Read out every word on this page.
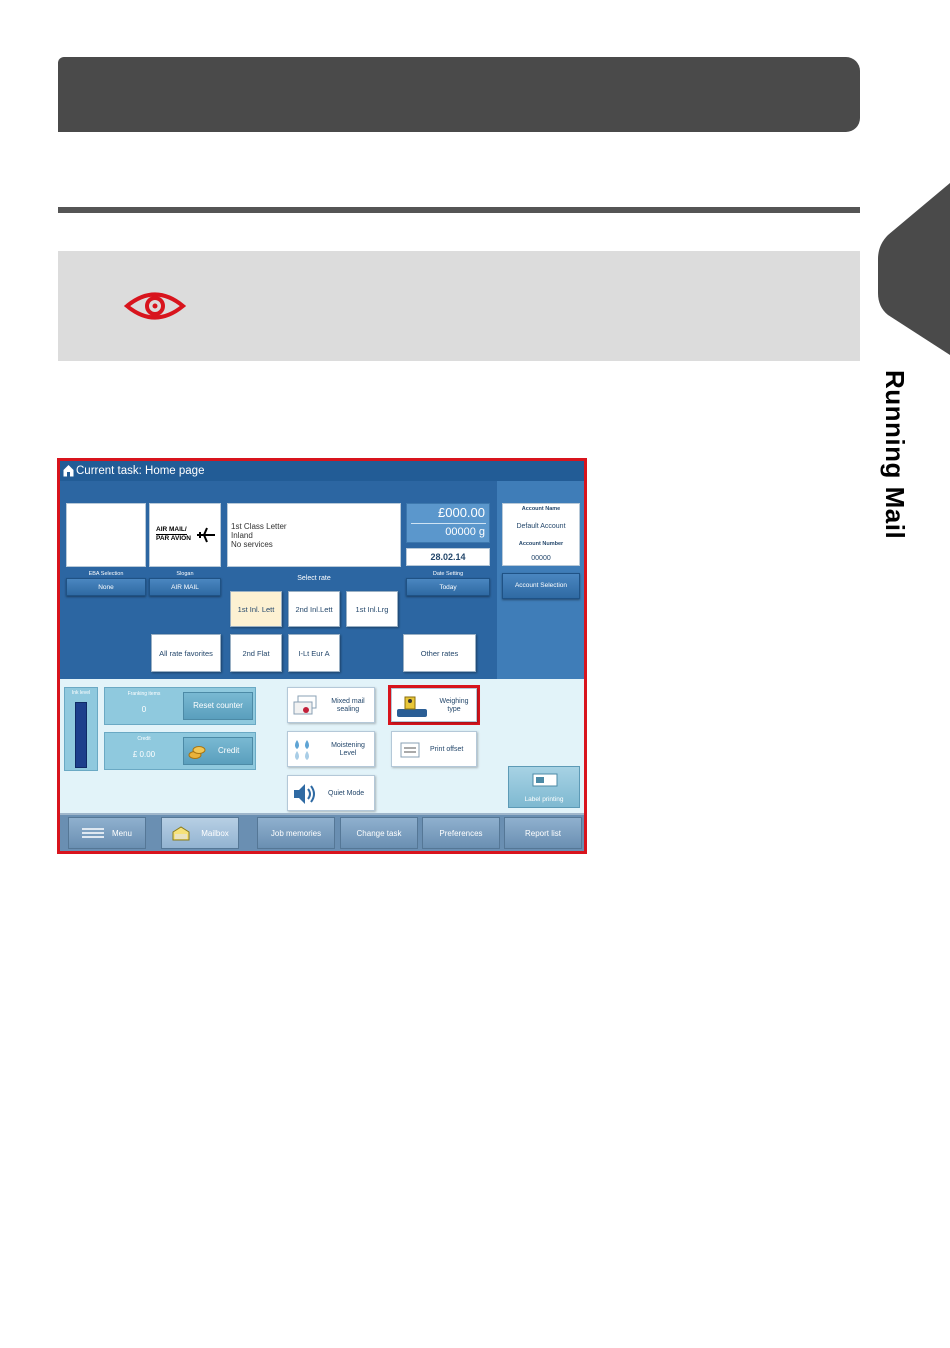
Running Mail
Current task: Home page
EBA Selection
None
AIR MAIL/
PAR AVION
Slogan
AIR MAIL
1st Class Letter
Inland
No services
£000.00
00000 g
28.02.14
Date Setting
Today
Account Name
Default Account
Account Number
00000
Account Selection
Select rate
1st Inl. Lett	2nd Inl.Lett	1st Inl.Lrg
All rate favorites	2nd Flat	I-Lt Eur A	Other rates
Ink level	Franking items
0	Reset counter
Credit
£ 0.00	Credit
Mixed mail sealing
Weighing type
Moistening Level
Print offset
Quiet Mode
Label printing
Menu	Mailbox	Job memories	Change task	Preferences	Report list
